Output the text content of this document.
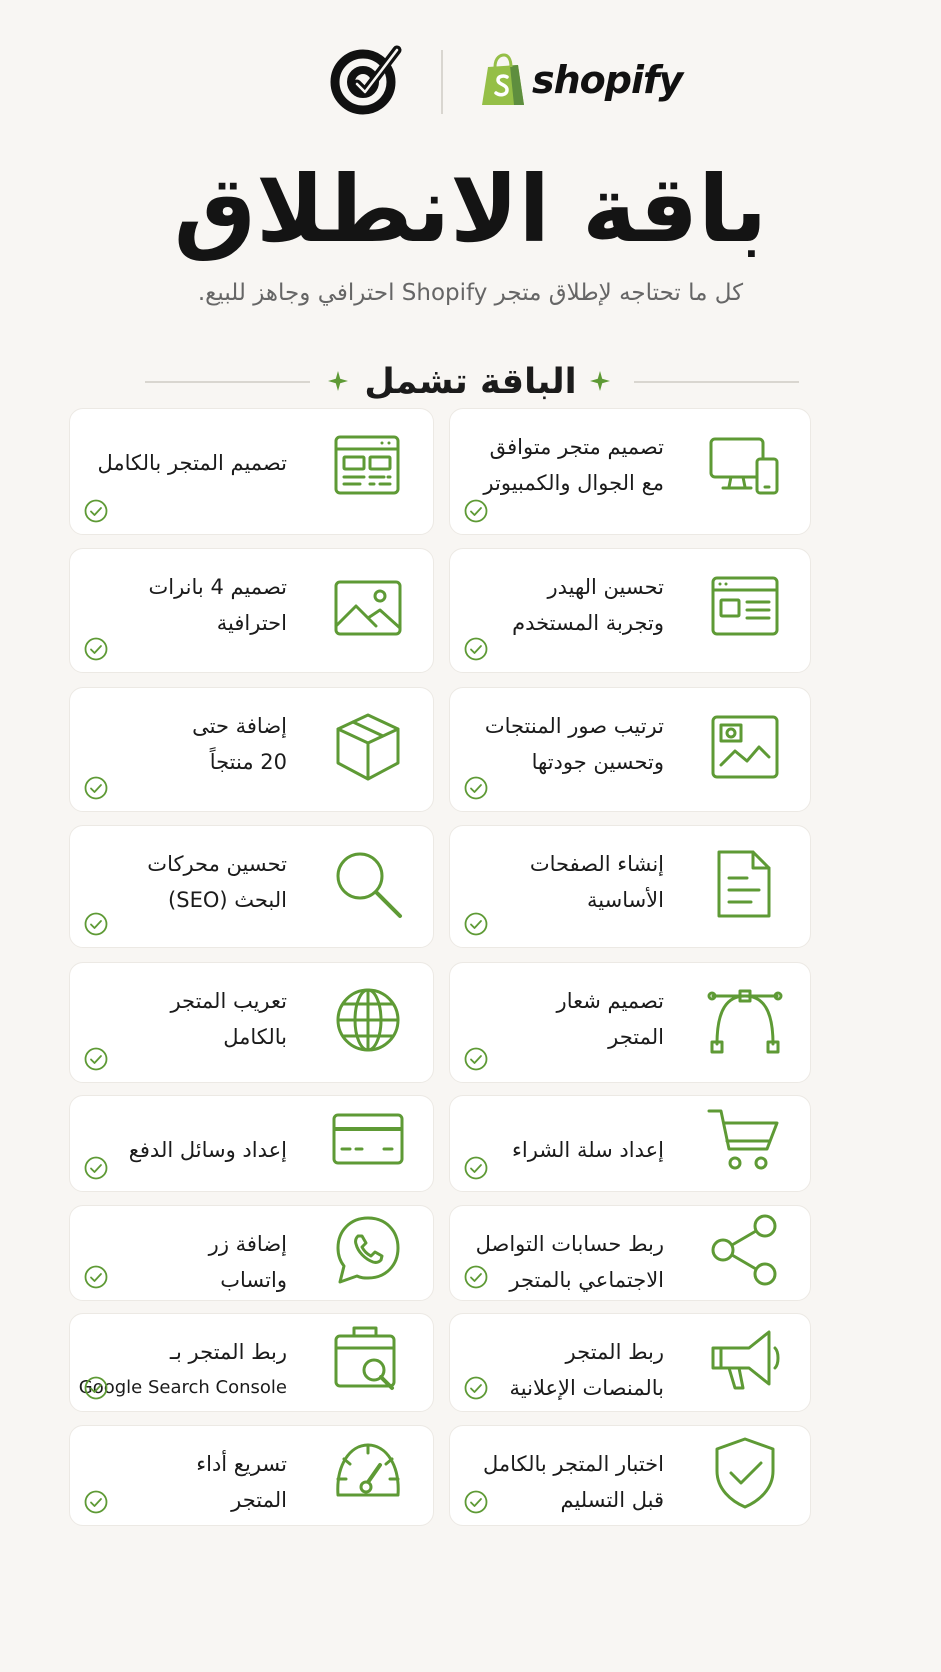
shopify
باقة الانطلاق

كل ما تحتاجه لإطلاق متجر Shopify احترافي وجاهز للبيع.

الباقة تشمل
تصميم متجر متوافق
مع الجوال والكمبيوتر
تصميم المتجر بالكامل
تحسين الهيدر
وتجربة المستخدم
تصميم 4 بانرات
احترافية
ترتيب صور المنتجات
وتحسين جودتها
إضافة حتى
20 منتجاً
إنشاء الصفحات
الأساسية
تحسين محركات
البحث (SEO)
تصميم شعار
المتجر
تعريب المتجر
بالكامل
إعداد سلة الشراء
إعداد وسائل الدفع
ربط حسابات التواصل
الاجتماعي بالمتجر
إضافة زر
واتساب
ربط المتجر
بالمنصات الإعلانية
ربط المتجر بـ
Google Search Console
اختبار المتجر بالكامل
قبل التسليم
تسريع أداء
المتجر
